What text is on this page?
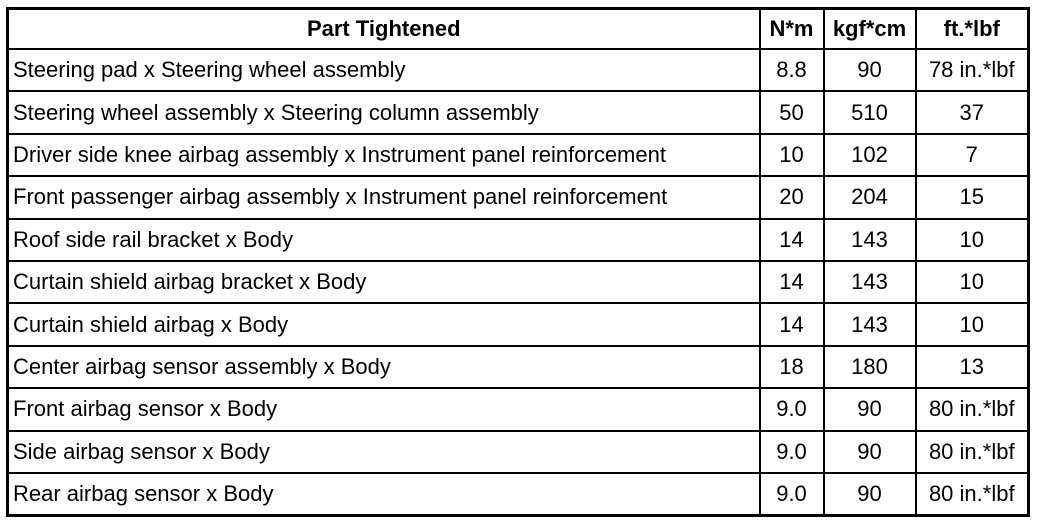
Part Tightened	N*m	kgf*cm	ft.*lbf
Steering pad x Steering wheel assembly	8.8	90	78 in.*lbf
Steering wheel assembly x Steering column assembly	50	510	37
Driver side knee airbag assembly x Instrument panel reinforcement	10	102	7
Front passenger airbag assembly x Instrument panel reinforcement	20	204	15
Roof side rail bracket x Body	14	143	10
Curtain shield airbag bracket x Body	14	143	10
Curtain shield airbag x Body	14	143	10
Center airbag sensor assembly x Body	18	180	13
Front airbag sensor x Body	9.0	90	80 in.*lbf
Side airbag sensor x Body	9.0	90	80 in.*lbf
Rear airbag sensor x Body	9.0	90	80 in.*lbf
